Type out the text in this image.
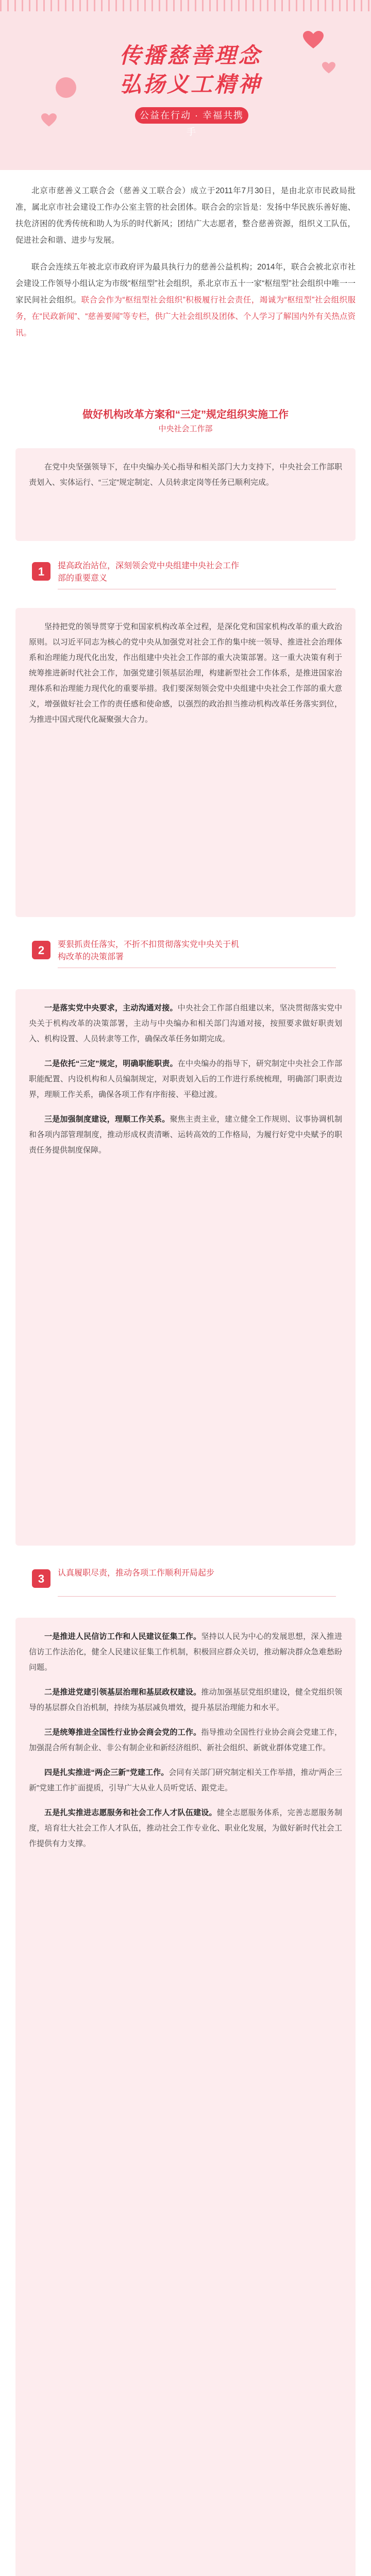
传播慈善理念
弘扬义工精神
公益在行动 · 幸福共携手

北京市慈善义工联合会（慈善义工联合会）成立于2011年7月30日，是由北京市民政局批准，属北京市社会建设工作办公室主管的社会团体。联合会的宗旨是：发扬中华民族乐善好施、扶危济困的优秀传统和助人为乐的时代新风；团结广大志愿者，整合慈善资源，组织义工队伍，促进社会和谐、进步与发展。

联合会连续五年被北京市政府评为最具执行力的慈善公益机构；2014年，联合会被北京市社会建设工作领导小组认定为市级“枢纽型”社会组织，系北京市五十一家“枢纽型”社会组织中唯一一家民间社会组织。联合会作为“枢纽型社会组织”积极履行社会责任，竭诚为“枢纽型”社会组织服务，在“民政新闻”、“慈善要闻”等专栏，供广大社会组织及团体、个人学习了解国内外有关热点资讯。

做好机构改革方案和“三定”规定组织实施工作
中央社会工作部

在党中央坚强领导下，在中央编办关心指导和相关部门大力支持下，中央社会工作部职责划入、实体运行、“三定”规定制定、人员转隶定岗等任务已顺利完成。

1 提高政治站位，深刻领会党中央组建中央社会工作部的重要意义

坚持把党的领导贯穿于党和国家机构改革全过程，是深化党和国家机构改革的重大政治原则。以习近平同志为核心的党中央从加强党对社会工作的集中统一领导、推进社会治理体系和治理能力现代化出发，作出组建中央社会工作部的重大决策部署。这一重大决策有利于统筹推进新时代社会工作，加强党建引领基层治理，构建新型社会工作体系，是推进国家治理体系和治理能力现代化的重要举措。我们要深刻领会党中央组建中央社会工作部的重大意义，增强做好社会工作的责任感和使命感，以强烈的政治担当推动机构改革任务落实到位，为推进中国式现代化凝聚强大合力。

2 要狠抓责任落实，不折不扣贯彻落实党中央关于机构改革的决策部署

一是落实党中央要求，主动沟通对接。中央社会工作部自组建以来，坚决贯彻落实党中央关于机构改革的决策部署，主动与中央编办和相关部门沟通对接，按照要求做好职责划入、机构设置、人员转隶等工作，确保改革任务如期完成。

二是依托“三定”规定，明确职能职责。在中央编办的指导下，研究制定中央社会工作部职能配置、内设机构和人员编制规定，对职责划入后的工作进行系统梳理，明确部门职责边界，理顺工作关系，确保各项工作有序衔接、平稳过渡。

三是加强制度建设，理顺工作关系。聚焦主责主业，建立健全工作规则、议事协调机制和各项内部管理制度，推动形成权责清晰、运转高效的工作格局，为履行好党中央赋予的职责任务提供制度保障。

3 认真履职尽责，推动各项工作顺利开局起步

一是推进人民信访工作和人民建议征集工作。坚持以人民为中心的发展思想，深入推进信访工作法治化，健全人民建议征集工作机制，积极回应群众关切，推动解决群众急难愁盼问题。

二是推进党建引领基层治理和基层政权建设。推动加强基层党组织建设，健全党组织领导的基层群众自治机制，持续为基层减负增效，提升基层治理能力和水平。

三是统筹推进全国性行业协会商会党的工作。指导推动全国性行业协会商会党建工作，加强混合所有制企业、非公有制企业和新经济组织、新社会组织、新就业群体党建工作。

四是扎实推进“两企三新”党建工作。会同有关部门研究制定相关工作举措，推动“两企三新”党建工作扩面提质，引导广大从业人员听党话、跟党走。

五是扎实推进志愿服务和社会工作人才队伍建设。健全志愿服务体系，完善志愿服务制度，培育壮大社会工作人才队伍，推动社会工作专业化、职业化发展，为做好新时代社会工作提供有力支撑。
